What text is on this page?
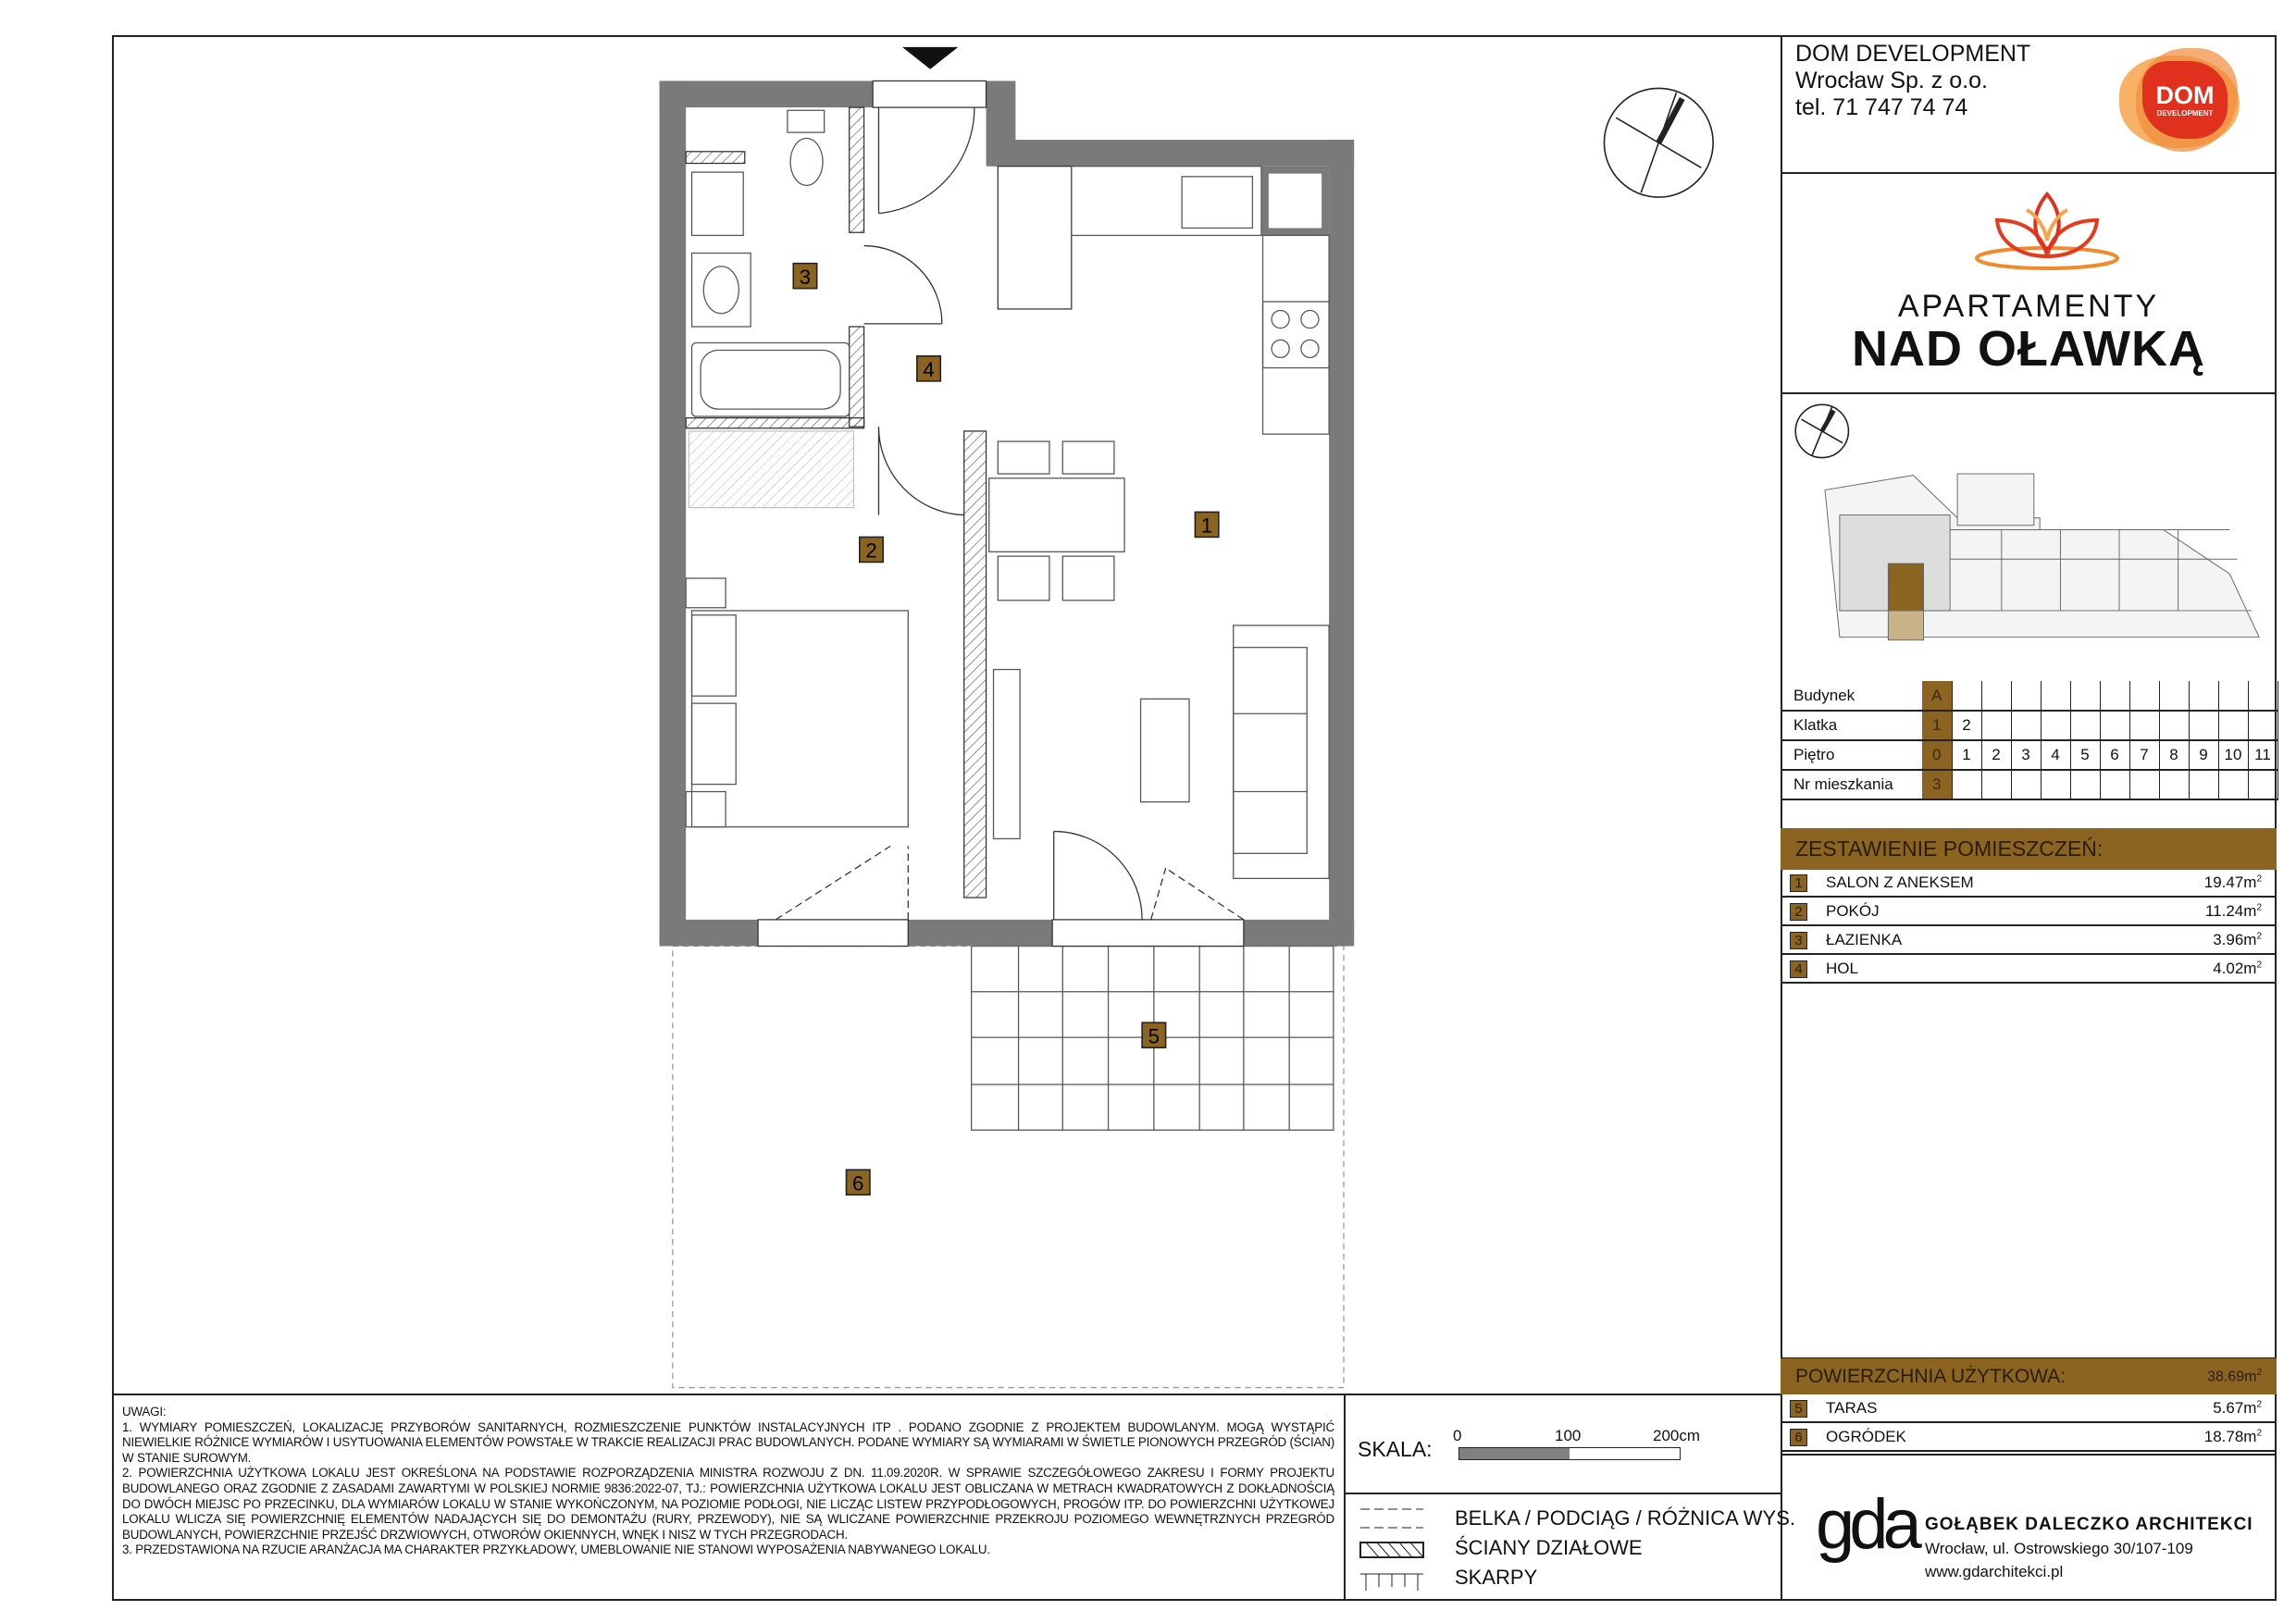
1
2
3
4
5
6
DOM DEVELOPMENT
Wrocław Sp. z o.o.
tel. 71 747 74 74	DOM
DEVELOPMENT
APARTAMENTY
NAD OŁAWKĄ
Budynek	A											
Klatka	1	2										
Piętro	0	1	2	3	4	5	6	7	8	9	10	11
Nr mieszkania	3											
ZESTAWIENIE POMIESZCZEŃ:
1	SALON Z ANEKSEM	$19.47m^2$
2	POKÓJ	$11.24m^2$
3	ŁAZIENKA	$3.96m^2$
4	HOL	$4.02m^2$
POWIERZCHNIA UŻYTKOWA:	$38.69m^2$
5	TARAS	$5.67m^2$
6	OGRÓDEK	$18.78m^2$

UWAGI:

1. WYMIARY POMIESZCZEŃ, LOKALIZACJĘ PRZYBORÓW SANITARNYCH, ROZMIESZCZENIE PUNKTÓW INSTALACYJNYCH ITP . PODANO ZGODNIE Z PROJEKTEM BUDOWLANYM. MOGĄ WYSTĄPIĆ NIEWIELKIE RÓŻNICE WYMIARÓW I USYTUOWANIA ELEMENTÓW POWSTAŁE W TRAKCIE REALIZACJI PRAC BUDOWLANYCH. PODANE WYMIARY SĄ WYMIARAMI W ŚWIETLE PIONOWYCH PRZEGRÓD (ŚCIAN) W STANIE SUROWYM.

2. POWIERZCHNIA UŻYTKOWA LOKALU JEST OKREŚLONA NA PODSTAWIE ROZPORZĄDZENIA MINISTRA ROZWOJU Z DN. 11.09.2020R. W SPRAWIE SZCZEGÓŁOWEGO ZAKRESU I FORMY PROJEKTU BUDOWLANEGO ORAZ ZGODNIE Z ZASADAMI ZAWARTYMI W POLSKIEJ NORMIE 9836:2022-07, TJ.: POWIERZCHNIA UŻYTKOWA LOKALU JEST OBLICZANA W METRACH KWADRATOWYCH Z DOKŁADNOŚCIĄ DO DWÓCH MIEJSC PO PRZECINKU, DLA WYMIARÓW LOKALU W STANIE WYKOŃCZONYM, NA POZIOMIE PODŁOGI, NIE LICZĄC LISTEW PRZYPODŁOGOWYCH, PROGÓW ITP. DO POWIERZCHNI UŻYTKOWEJ LOKALU WLICZA SIĘ POWIERZCHNIĘ ELEMENTÓW NADAJĄCYCH SIĘ DO DEMONTAŻU (RURY, PRZEWODY), NIE SĄ WLICZANE POWIERZCHNIE PRZEKROJU POZIOMEGO WEWNĘTRZNYCH PRZEGRÓD BUDOWLANYCH, POWIERZCHNIE PRZEJŚĆ DRZWIOWYCH, OTWORÓW OKIENNYCH, WNĘK I NISZ W TYCH PRZEGRODACH.

3. PRZEDSTAWIONA NA RZUCIE ARANŻACJA MA CHARAKTER PRZYKŁADOWY, UMEBLOWANIE NIE STANOWI WYPOSAŻENIA NABYWANEGO LOKALU.

SKALA:
0	100	200cm
BELKA / PODCIĄG / RÓŻNICA WYS.
ŚCIANY DZIAŁOWE
SKARPY
gda GOŁĄBEK DALECZKO ARCHITEKCI
Wrocław, ul. Ostrowskiego 30/107-109
www.gdarchitekci.pl
